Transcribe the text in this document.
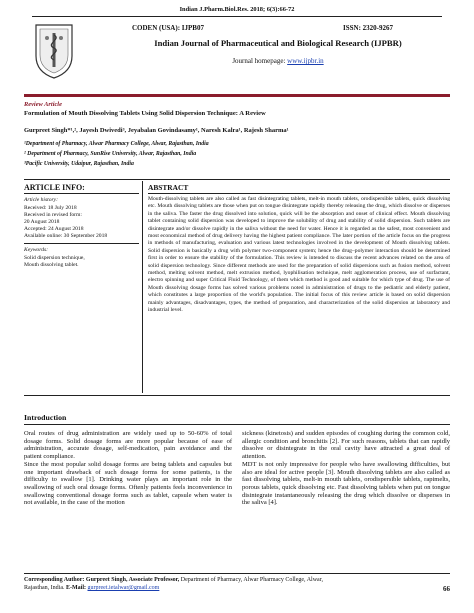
Indian J.Pharm.Biol.Res. 2018; 6(3):66-72
CODEN (USA): IJPB07	ISSN: 2320-9267
Indian Journal of Pharmaceutical and Biological Research (IJPBR)
Journal homepage: www.ijpbr.in
Review Article
Formulation of Mouth Dissolving Tablets Using Solid Dispersion Technique: A Review
Gurpreet Singh*¹,², Jayesh Dwivedi³, Jeyabalan Govindasamy¹, Naresh Kalra¹, Rajesh Sharma¹
¹Department of Pharmacy, Alwar Pharmacy College, Alwar, Rajasthan, India
² Department of Pharmacy, SunRise University, Alwar, Rajasthan, India
³Pacific University, Udaipur, Rajasthan, India
ARTICLE INFO:
Article history:
Received: 18 July 2018
Received in revised form:
20 August 2018
Accepted: 24 August 2018
Available online: 30 September 2018
Keywords:
Solid dispersion technique,
Mouth dissolving tablet.
ABSTRACT
Mouth-dissolving tablets are also called as fast disintegrating tablets, melt-in mouth tablets, orodispersible tablets, quick dissolving etc. Mouth dissolving tablets are those when put on tongue disintegrate rapidly thereby releasing the drug, which dissolve or disperses in the saliva. The faster the drug dissolved into solution, quick will be the absorption and onset of clinical effect. Mouth dissolving tablet containing solid dispersion was developed to improve the solubility of drug and stability of solid dispersion. Such tablets are disintegrate and/or dissolve rapidly in the saliva without the need for water. Hence it is regarded as the safest, most convenient and most economical method of drug delivery having the highest patient compliance. The later portion of the article focus on the progress in methods of manufacturing, evaluation and various latest technologies involved in the development of Mouth dissolving tablets. Solid dispersion is basically a drug with polymer two-component system; hence the drug–polymer interaction should be determined first in order to ensure the stability of the formulation. This review is intended to discuss the recent advances related on the area of solid dispersion technology. Since different methods are used for the preparation of solid dispersions such as fusion method, solvent method, melting solvent method, melt extrusion method, lyophilisation technique, melt agglomeration process, use of surfactant, electro spinning and super Critical Fluid Technology, of them which method is good and suitable for which type of drug. The use of Mouth dissolving dosage forms has solved various problems noted in administration of drugs to the pediatric and elderly patient, which constitutes a large proportion of the world's population. The initial focus of this review article is based on solid dispersion mainly advantages, disadvantages, types, the method of preparation, and characterization of the solid dispersion at laboratory and industrial level.
Introduction
Oral routes of drug administration are widely used up to 50-60% of total dosage forms. Solid dosage forms are more popular because of ease of administration, accurate dosage, self-medication, pain avoidance and the patient compliance.
Since the most popular solid dosage forms are being tablets and capsules but one important drawback of such dosage forms for some patients, is the difficulty to swallow [1]. Drinking water plays an important role in the swallowing of such oral dosage forms. Oftenly patients feels inconvenience in swallowing conventional dosage forms such as tablet, capsule when water is not available, in the case of the motion
sickness (kinetosis) and sudden episodes of coughing during the common cold, allergic condition and bronchitis [2]. For such reasons, tablets that can rapidly dissolve or disintegrate in the oral cavity have attracted a great deal of attention.
MDT is not only impressive for people who have swallowing difficulties, but also are ideal for active people [3]. Mouth dissolving tablets are also called as fast dissolving tablets, melt-in mouth tablets, orodispersible tablets, rapimelts, porous tablets, quick dissolving etc. Fast dissolving tablets when put on tongue disintegrate instantaneously releasing the drug which dissolve or disperses in the saliva [4].
Corresponding Author: Gurpreet Singh, Associate Professor, Department of Pharmacy, Alwar Pharmacy College, Alwar,
Rajasthan, India. E-Mail: gurpreet.ietalwar@gmail.com	66
